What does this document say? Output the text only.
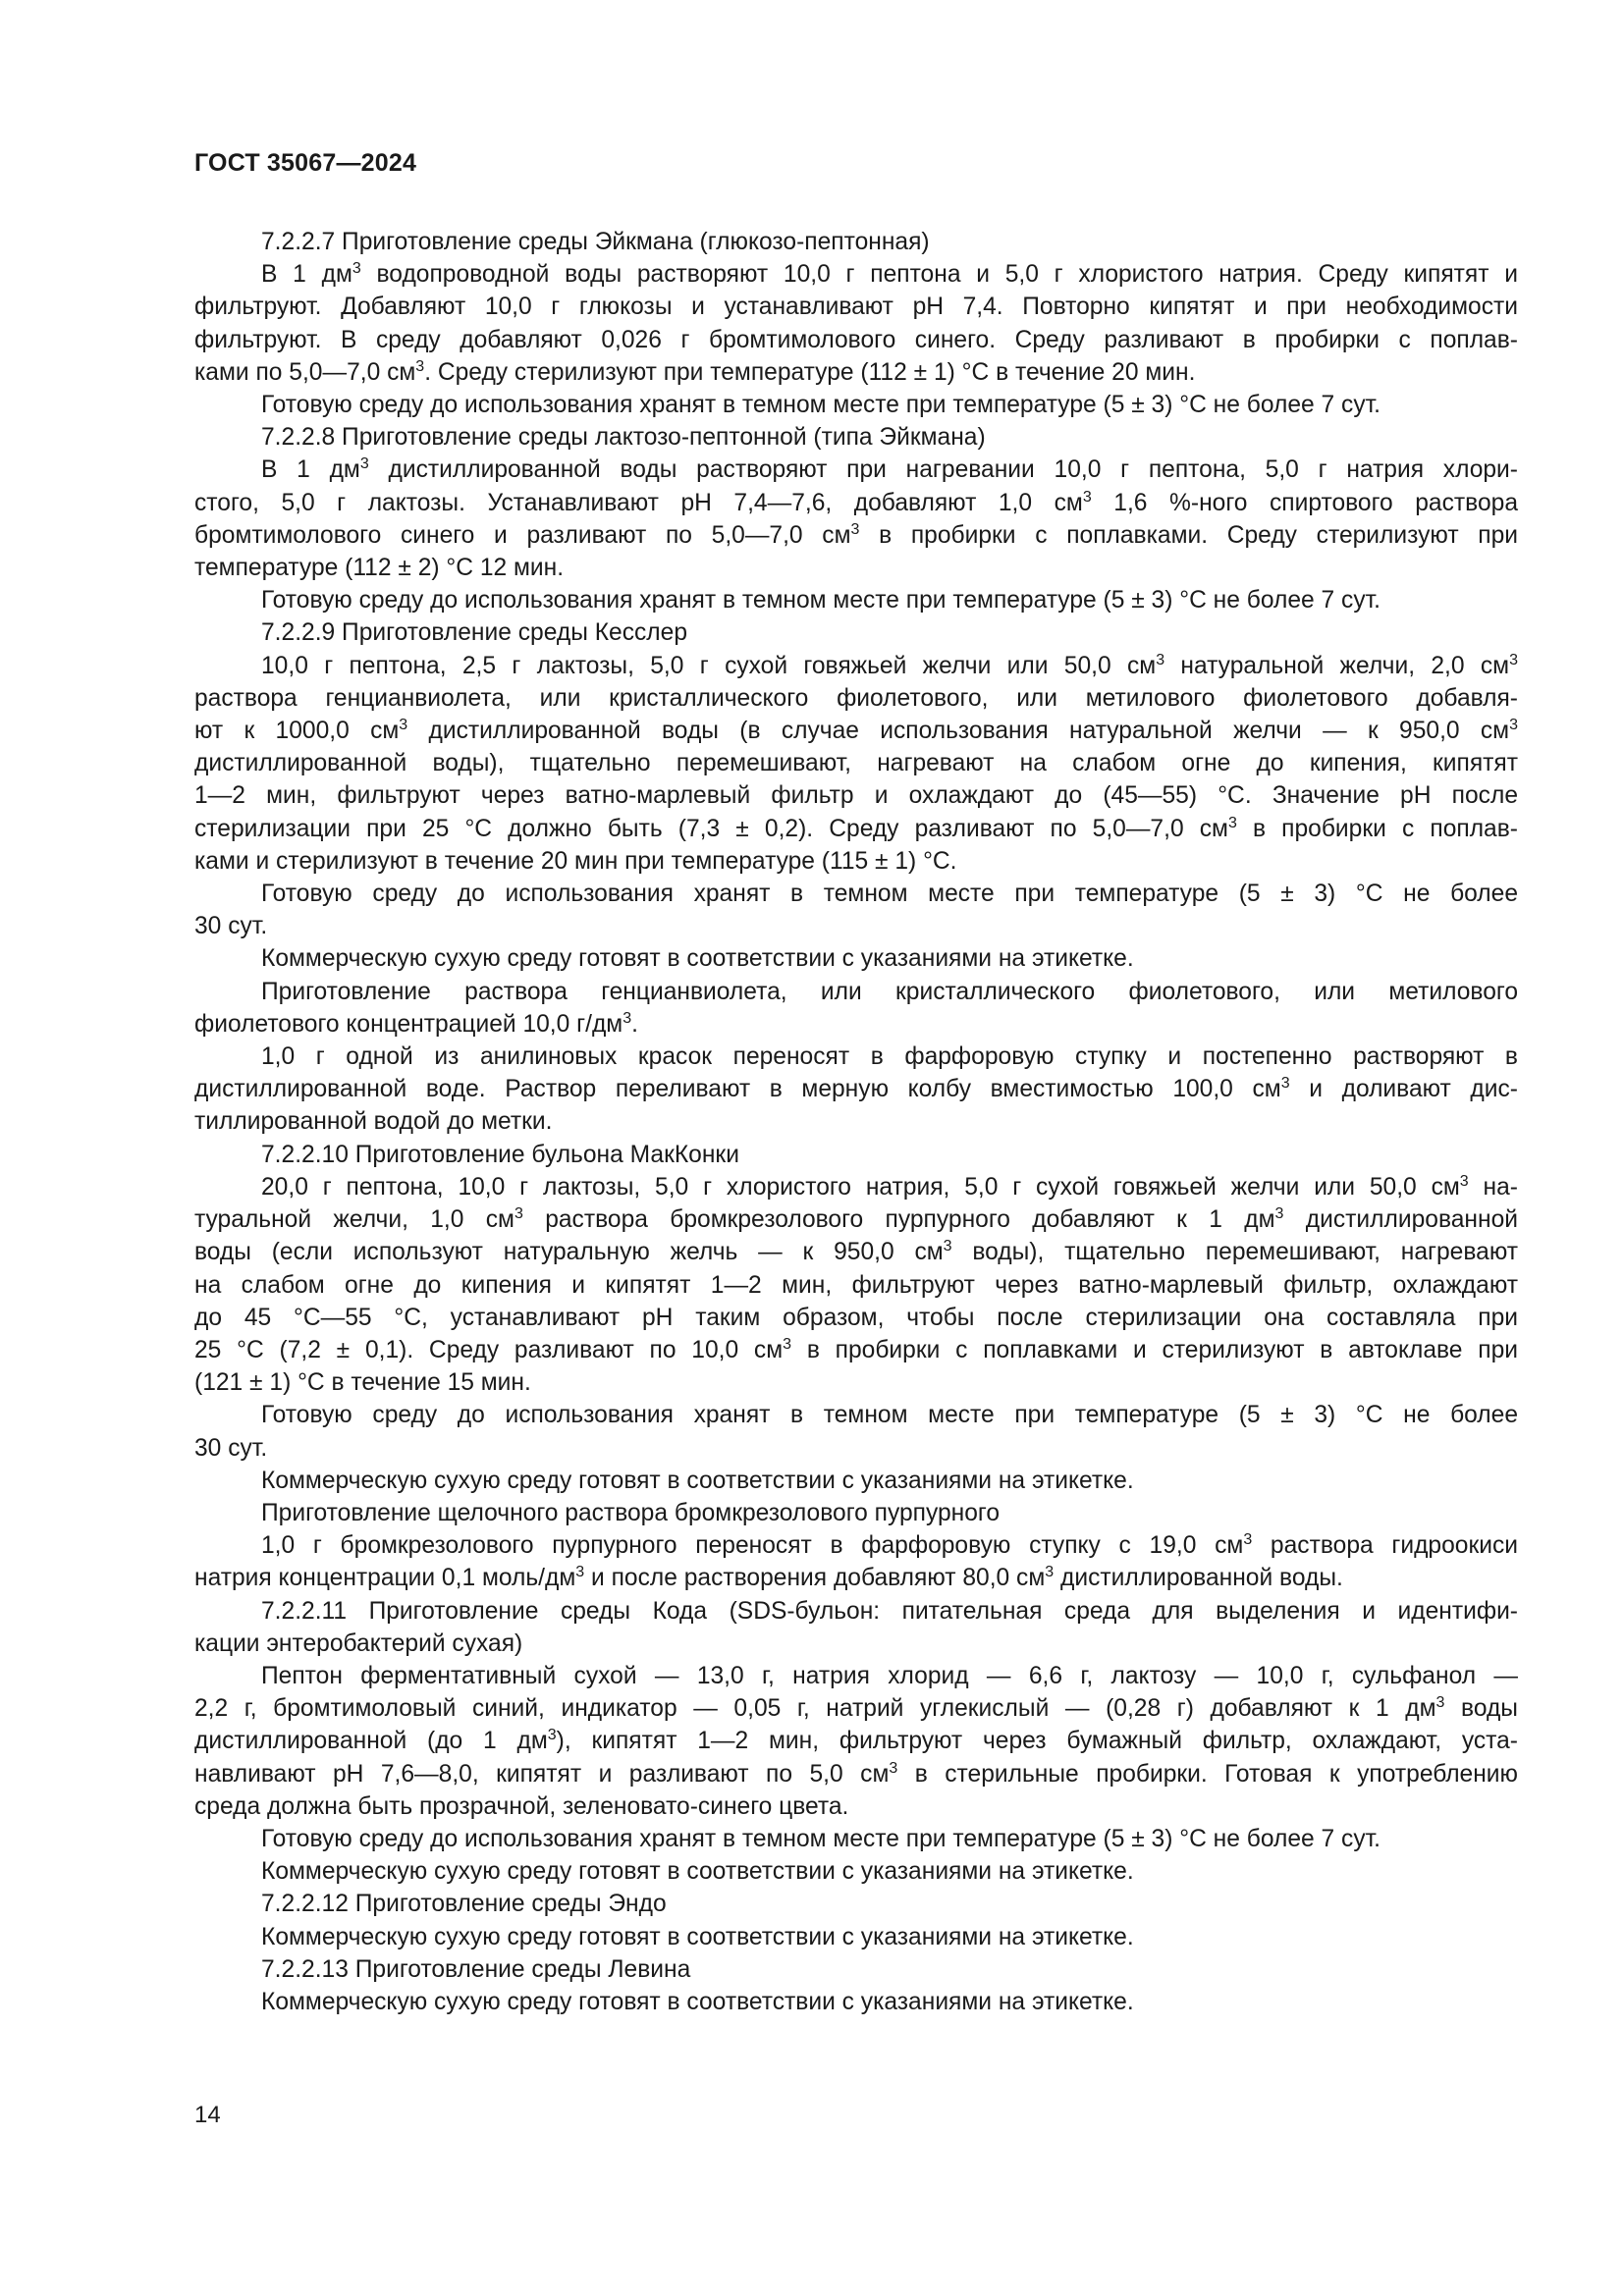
ГОСТ 35067—2024
7.2.2.7 Приготовление среды Эйкмана (глюкозо-пептонная)
В 1 $дм^3$ водопроводной воды растворяют 10,0 г пептона и 5,0 г хлористого натрия. Среду кипятят и
фильтруют. Добавляют 10,0 г глюкозы и устанавливают pH 7,4. Повторно кипятят и при необходимости
фильтруют. В среду добавляют 0,026 г бромтимолового синего. Среду разливают в пробирки с поплав-
ками по 5,0—7,0 $см^3$. Среду стерилизуют при температуре (112 ± 1) °С в течение 20 мин.
Готовую среду до использования хранят в темном месте при температуре (5 ± 3) °С не более 7 сут.
7.2.2.8 Приготовление среды лактозо-пептонной (типа Эйкмана)
В 1 $дм^3$ дистиллированной воды растворяют при нагревании 10,0 г пептона, 5,0 г натрия хлори-
стого, 5,0 г лактозы. Устанавливают pH 7,4—7,6, добавляют 1,0 $см^3$ 1,6 %-ного спиртового раствора
бромтимолового синего и разливают по 5,0—7,0 $см^3$ в пробирки с поплавками. Среду стерилизуют при
температуре (112 ± 2) °С 12 мин.
Готовую среду до использования хранят в темном месте при температуре (5 ± 3) °С не более 7 сут.
7.2.2.9 Приготовление среды Кесслер
10,0 г пептона, 2,5 г лактозы, 5,0 г сухой говяжьей желчи или 50,0 $см^3$ натуральной желчи, 2,0 $см^3$
раствора генцианвиолета, или кристаллического фиолетового, или метилового фиолетового добавля-
ют к 1000,0 $см^3$ дистиллированной воды (в случае использования натуральной желчи — к 950,0 $см^3$
дистиллированной воды), тщательно перемешивают, нагревают на слабом огне до кипения, кипятят
1—2 мин, фильтруют через ватно-марлевый фильтр и охлаждают до (45—55) °С. Значение pH после
стерилизации при 25 °С должно быть (7,3 ± 0,2). Среду разливают по 5,0—7,0 $см^3$ в пробирки с поплав-
ками и стерилизуют в течение 20 мин при температуре (115 ± 1) °С.
Готовую среду до использования хранят в темном месте при температуре (5 ± 3) °С не более
30 сут.
Коммерческую сухую среду готовят в соответствии с указаниями на этикетке.
Приготовление раствора генцианвиолета, или кристаллического фиолетового, или метилового
фиолетового концентрацией 10,0 $г/дм^3$.
1,0 г одной из анилиновых красок переносят в фарфоровую ступку и постепенно растворяют в
дистиллированной воде. Раствор переливают в мерную колбу вместимостью 100,0 $см^3$ и доливают дис-
тиллированной водой до метки.
7.2.2.10 Приготовление бульона МакКонки
20,0 г пептона, 10,0 г лактозы, 5,0 г хлористого натрия, 5,0 г сухой говяжьей желчи или 50,0 $см^3$ на-
туральной желчи, 1,0 $см^3$ раствора бромкрезолового пурпурного добавляют к 1 $дм^3$ дистиллированной
воды (если используют натуральную желчь — к 950,0 $см^3$ воды), тщательно перемешивают, нагревают
на слабом огне до кипения и кипятят 1—2 мин, фильтруют через ватно-марлевый фильтр, охлаждают
до 45 °С—55 °С, устанавливают pH таким образом, чтобы после стерилизации она составляла при
25 °С (7,2 ± 0,1). Среду разливают по 10,0 $см^3$ в пробирки с поплавками и стерилизуют в автоклаве при
(121 ± 1) °С в течение 15 мин.
Готовую среду до использования хранят в темном месте при температуре (5 ± 3) °С не более
30 сут.
Коммерческую сухую среду готовят в соответствии с указаниями на этикетке.
Приготовление щелочного раствора бромкрезолового пурпурного
1,0 г бромкрезолового пурпурного переносят в фарфоровую ступку с 19,0 $см^3$ раствора гидроокиси
натрия концентрации 0,1 моль/$дм^3$ и после растворения добавляют 80,0 $см^3$ дистиллированной воды.
7.2.2.11 Приготовление среды Кода (SDS-бульон: питательная среда для выделения и идентифи-
кации энтеробактерий сухая)
Пептон ферментативный сухой — 13,0 г, натрия хлорид — 6,6 г, лактозу — 10,0 г, сульфанол —
2,2 г, бромтимоловый синий, индикатор — 0,05 г, натрий углекислый — (0,28 г) добавляют к 1 $дм^3$ воды
дистиллированной (до 1 $дм^3$), кипятят 1—2 мин, фильтруют через бумажный фильтр, охлаждают, уста-
навливают pH 7,6—8,0, кипятят и разливают по 5,0 $см^3$ в стерильные пробирки. Готовая к употреблению
среда должна быть прозрачной, зеленовато-синего цвета.
Готовую среду до использования хранят в темном месте при температуре (5 ± 3) °С не более 7 сут.
Коммерческую сухую среду готовят в соответствии с указаниями на этикетке.
7.2.2.12 Приготовление среды Эндо
Коммерческую сухую среду готовят в соответствии с указаниями на этикетке.
7.2.2.13 Приготовление среды Левина
Коммерческую сухую среду готовят в соответствии с указаниями на этикетке.
14
